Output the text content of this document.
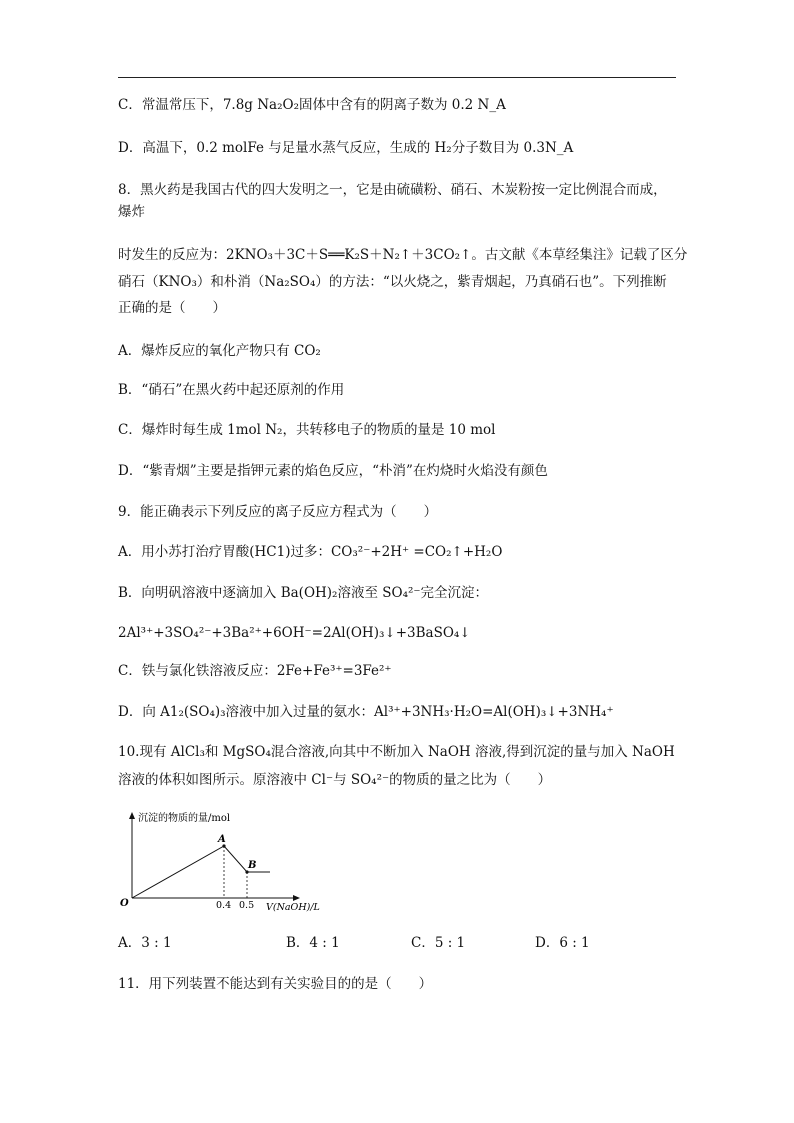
C．常温常压下，7.8g Na₂O₂固体中含有的阴离子数为 0.2 N_A
D．高温下，0.2 molFe 与足量水蒸气反应，生成的 H₂分子数目为 0.3N_A
8．黑火药是我国古代的四大发明之一，它是由硫磺粉、硝石、木炭粉按一定比例混合而成，
爆炸
时发生的反应为：2KNO₃＋3C＋S══K₂S＋N₂↑＋3CO₂↑。古文献《本草经集注》记载了区分
硝石（KNO₃）和朴消（Na₂SO₄）的方法：“以火烧之，紫青烟起，乃真硝石也”。下列推断
正确的是（　　）
A．爆炸反应的氧化产物只有 CO₂
B．“硝石”在黑火药中起还原剂的作用
C．爆炸时每生成 1mol N₂，共转移电子的物质的量是 10 mol
D．“紫青烟”主要是指钾元素的焰色反应，“朴消”在灼烧时火焰没有颜色
9．能正确表示下列反应的离子反应方程式为（　　）
A．用小苏打治疗胃酸(HC1)过多：CO₃²⁻+2H⁺ =CO₂↑+H₂O
B．向明矾溶液中逐滴加入 Ba(OH)₂溶液至 SO₄²⁻完全沉淀：
2Al³⁺+3SO₄²⁻+3Ba²⁺+6OH⁻=2Al(OH)₃↓+3BaSO₄↓
C．铁与氯化铁溶液反应：2Fe+Fe³⁺=3Fe²⁺
D．向 A1₂(SO₄)₃溶液中加入过量的氨水：Al³⁺+3NH₃·H₂O=Al(OH)₃↓+3NH₄⁺
10.现有 AlCl₃和 MgSO₄混合溶液,向其中不断加入 NaOH 溶液,得到沉淀的量与加入 NaOH
溶液的体积如图所示。原溶液中 Cl⁻与 SO₄²⁻的物质的量之比为（　　）
沉淀的物质的量/mol
V(NaOH)/L
O
A
0.4
B
0.5
A．3 : 1	B．4 : 1	C．5 : 1	D．6 : 1
11．用下列装置不能达到有关实验目的的是（　　）
